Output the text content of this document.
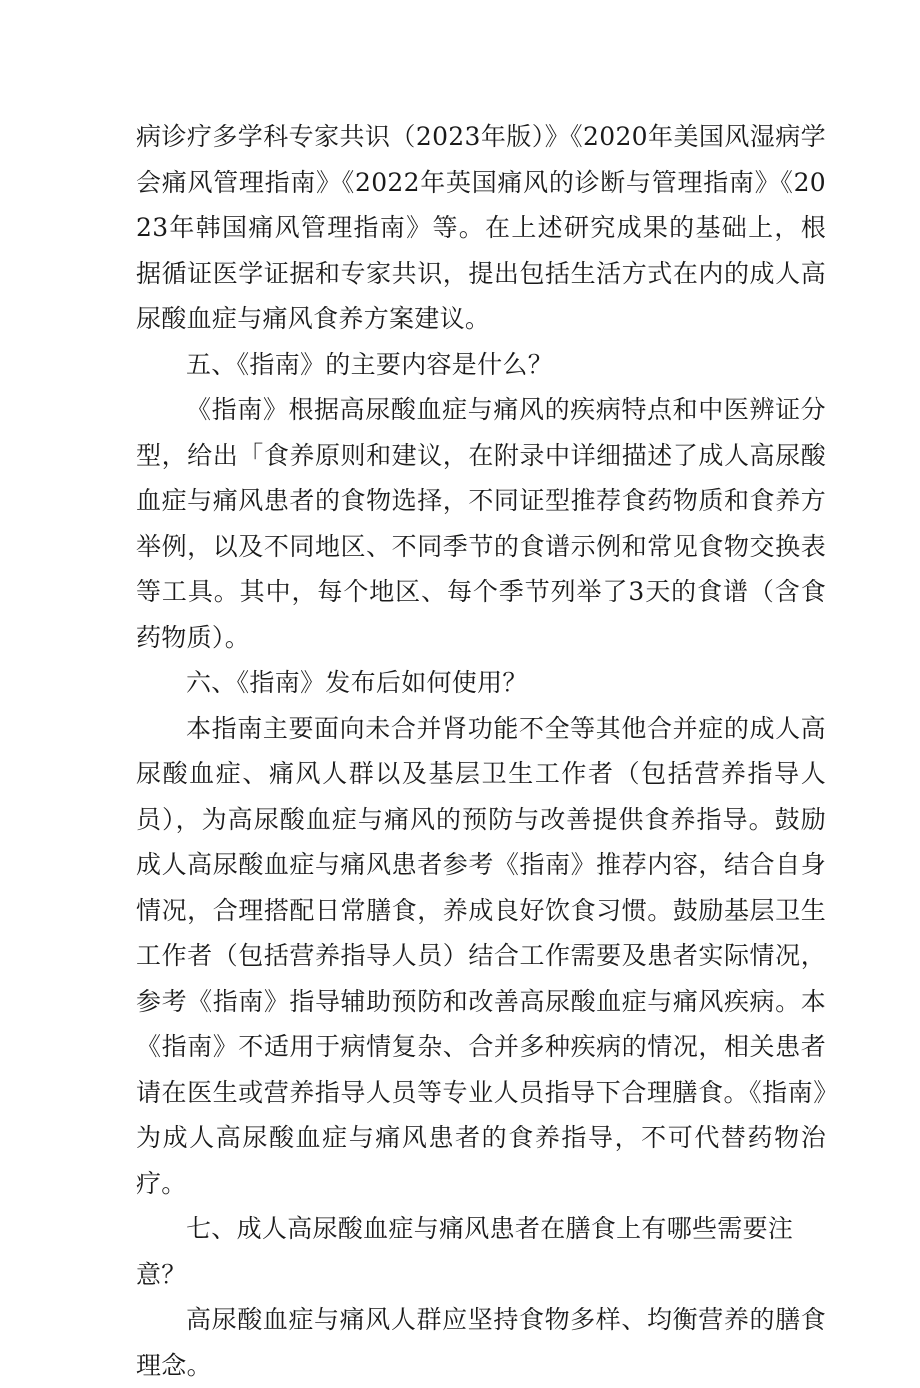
病诊疗多学科专家共识（2023年版）》《2020年美国风湿病学会痛风管理指南》《2022年英国痛风的诊断与管理指南》《2023年韩国痛风管理指南》等。在上述研究成果的基础上，根据循证医学证据和专家共识，提出包括生活方式在内的成人高尿酸血症与痛风食养方案建议。

五、《指南》的主要内容是什么？

《指南》根据高尿酸血症与痛风的疾病特点和中医辨证分型，给出「食养原则和建议，在附录中详细描述了成人高尿酸血症与痛风患者的食物选择，不同证型推荐食药物质和食养方举例，以及不同地区、不同季节的食谱示例和常见食物交换表等工具。其中，每个地区、每个季节列举了3天的食谱（含食药物质）。

六、《指南》发布后如何使用？

本指南主要面向未合并肾功能不全等其他合并症的成人高尿酸血症、痛风人群以及基层卫生工作者（包括营养指导人员），为高尿酸血症与痛风的预防与改善提供食养指导。鼓励成人高尿酸血症与痛风患者参考《指南》推荐内容，结合自身情况，合理搭配日常膳食，养成良好饮食习惯。鼓励基层卫生工作者（包括营养指导人员）结合工作需要及患者实际情况，参考《指南》指导辅助预防和改善高尿酸血症与痛风疾病。本《指南》不适用于病情复杂、合并多种疾病的情况，相关患者请在医生或营养指导人员等专业人员指导下合理膳食。《指南》为成人高尿酸血症与痛风患者的食养指导，不可代替药物治疗。

七、成人高尿酸血症与痛风患者在膳食上有哪些需要注意？

高尿酸血症与痛风人群应坚持食物多样、均衡营养的膳食理念。
